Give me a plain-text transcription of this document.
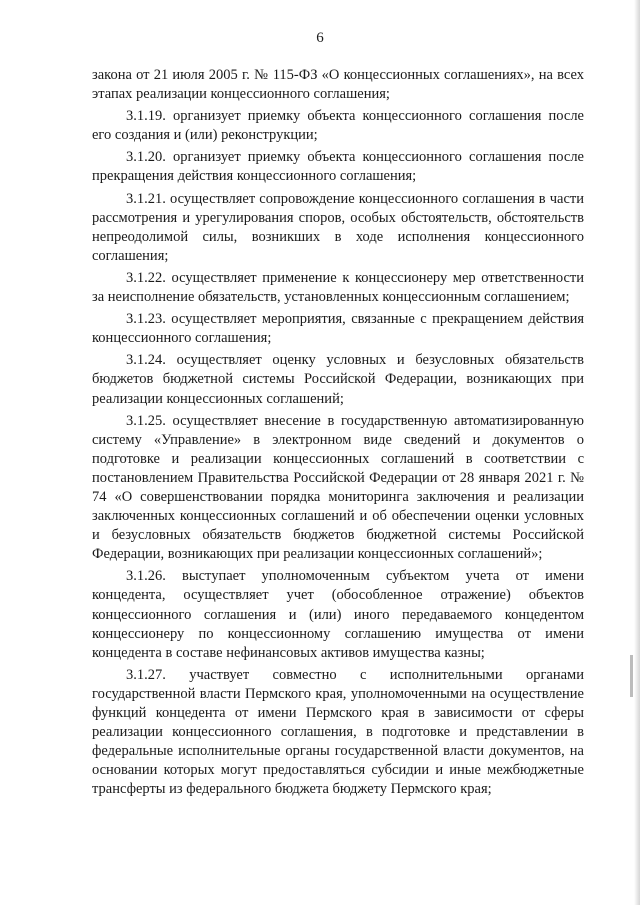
6

закона от 21 июля 2005 г. № 115-ФЗ «О концессионных соглашениях», на всех этапах реализации концессионного соглашения;

3.1.19. организует приемку объекта концессионного соглашения после его создания и (или) реконструкции;

3.1.20. организует приемку объекта концессионного соглашения после прекращения действия концессионного соглашения;

3.1.21. осуществляет сопровождение концессионного соглашения в части рассмотрения и урегулирования споров, особых обстоятельств, обстоятельств непреодолимой силы, возникших в ходе исполнения концессионного соглашения;

3.1.22. осуществляет применение к концессионеру мер ответственности за неисполнение обязательств, установленных концессионным соглашением;

3.1.23. осуществляет мероприятия, связанные с прекращением действия концессионного соглашения;

3.1.24. осуществляет оценку условных и безусловных обязательств бюджетов бюджетной системы Российской Федерации, возникающих при реализации концессионных соглашений;

3.1.25. осуществляет внесение в государственную автоматизированную систему «Управление» в электронном виде сведений и документов о подготовке и реализации концессионных соглашений в соответствии с постановлением Правительства Российской Федерации от 28 января 2021 г. № 74 «О совершенствовании порядка мониторинга заключения и реализации заключенных концессионных соглашений и об обеспечении оценки условных и безусловных обязательств бюджетов бюджетной системы Российской Федерации, возникающих при реализации концессионных соглашений»;

3.1.26. выступает уполномоченным субъектом учета от имени концедента, осуществляет учет (обособленное отражение) объектов концессионного соглашения и (или) иного передаваемого концедентом концессионеру по концессионному соглашению имущества от имени концедента в составе нефинансовых активов имущества казны;

3.1.27. участвует совместно с исполнительными органами государственной власти Пермского края, уполномоченными на осуществление функций концедента от имени Пермского края в зависимости от сферы реализации концессионного соглашения, в подготовке и представлении в федеральные исполнительные органы государственной власти документов, на основании которых могут предоставляться субсидии и иные межбюджетные трансферты из федерального бюджета бюджету Пермского края;
